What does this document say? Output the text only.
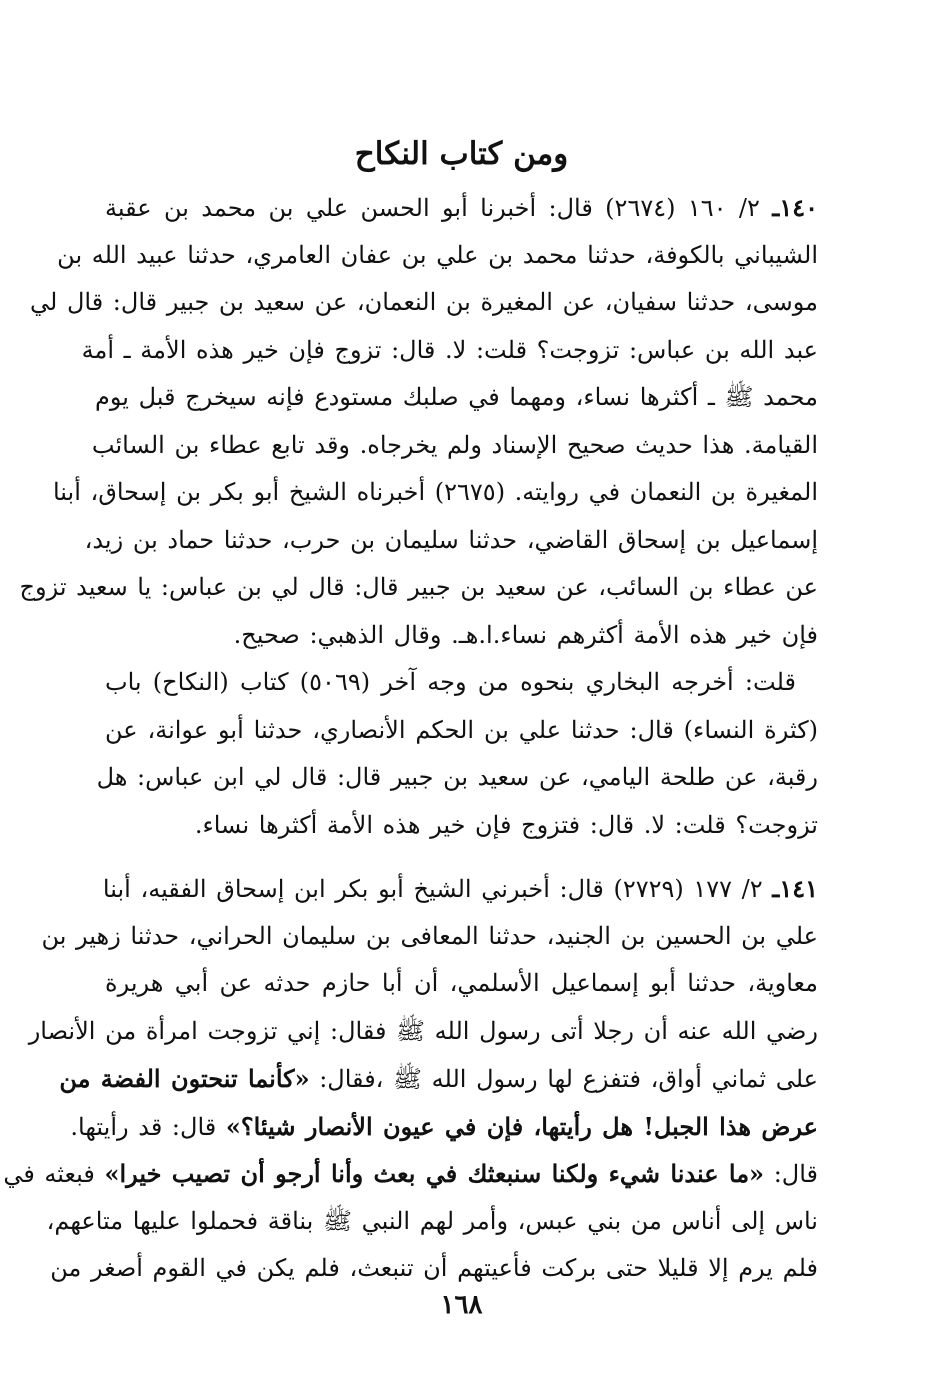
ومن كتاب النكاح
١٤٠ـ ٢/ ١٦٠ (٢٦٧٤) قال: أخبرنا أبو الحسن علي بن محمد بن عقبة
الشيباني بالكوفة، حدثنا محمد بن علي بن عفان العامري، حدثنا عبيد الله بن
موسى، حدثنا سفيان، عن المغيرة بن النعمان، عن سعيد بن جبير قال: قال لي
عبد الله بن عباس: تزوجت؟ قلت: لا. قال: تزوج فإن خير هذه الأمة ـ أمة
محمد ﷺ ـ أكثرها نساء، ومهما في صلبك مستودع فإنه سيخرج قبل يوم
القيامة. هذا حديث صحيح الإسناد ولم يخرجاه. وقد تابع عطاء بن السائب
المغيرة بن النعمان في روايته. (٢٦٧٥) أخبرناه الشيخ أبو بكر بن إسحاق، أبنا
إسماعيل بن إسحاق القاضي، حدثنا سليمان بن حرب، حدثنا حماد بن زيد،
عن عطاء بن السائب، عن سعيد بن جبير قال: قال لي بن عباس: يا سعيد تزوج
فإن خير هذه الأمة أكثرهم نساء.ا.هـ. وقال الذهبي: صحيح.
قلت: أخرجه البخاري بنحوه من وجه آخر (٥٠٦٩) كتاب (النكاح) باب
(كثرة النساء) قال: حدثنا علي بن الحكم الأنصاري، حدثنا أبو عوانة، عن
رقبة، عن طلحة اليامي، عن سعيد بن جبير قال: قال لي ابن عباس: هل
تزوجت؟ قلت: لا. قال: فتزوج فإن خير هذه الأمة أكثرها نساء.
١٤١ـ ٢/ ١٧٧ (٢٧٢٩) قال: أخبرني الشيخ أبو بكر ابن إسحاق الفقيه، أبنا
علي بن الحسين بن الجنيد، حدثنا المعافى بن سليمان الحراني، حدثنا زهير بن
معاوية، حدثنا أبو إسماعيل الأسلمي، أن أبا حازم حدثه عن أبي هريرة
رضي الله عنه أن رجلا أتى رسول الله ﷺ فقال: إني تزوجت امرأة من الأنصار
على ثماني أواق، فتفزع لها رسول الله ﷺ ،فقال: «كأنما تنحتون الفضة من
عرض هذا الجبل! هل رأيتها، فإن في عيون الأنصار شيئا؟» قال: قد رأيتها.
قال: «ما عندنا شيء ولكنا سنبعثك في بعث وأنا أرجو أن تصيب خيرا» فبعثه في
ناس إلى أناس من بني عبس، وأمر لهم النبي ﷺ بناقة فحملوا عليها متاعهم،
فلم يرم إلا قليلا حتى بركت فأعيتهم أن تنبعث، فلم يكن في القوم أصغر من
١٦٨
